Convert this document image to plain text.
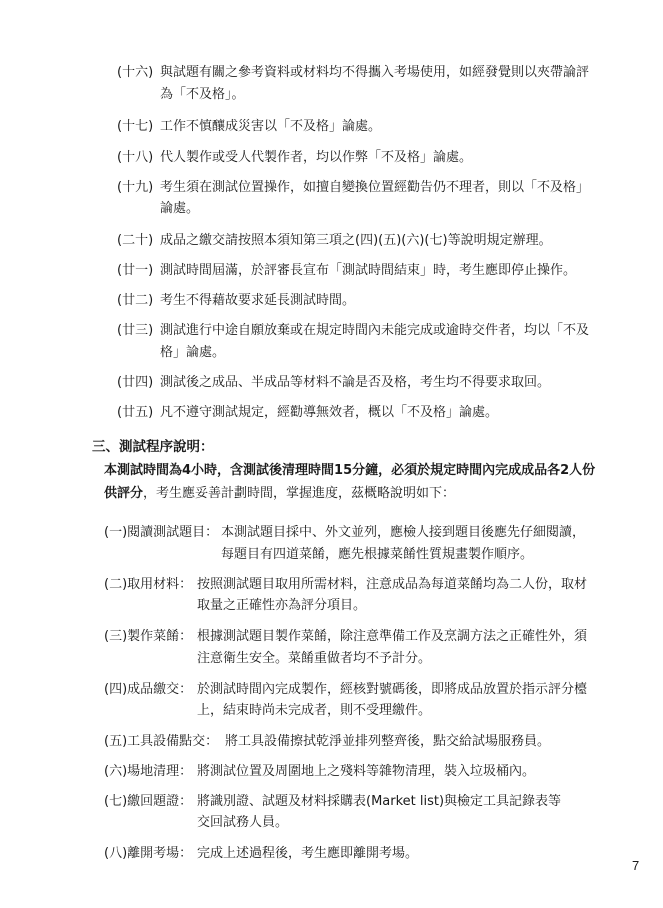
(十六) 與試題有關之參考資料或材料均不得攜入考場使用，如經發覺則以夾帶論評
為「不及格」。
(十七) 工作不慎釀成災害以「不及格」論處。
(十八) 代人製作或受人代製作者，均以作弊「不及格」論處。
(十九) 考生須在測試位置操作，如擅自變換位置經勸告仍不理者，則以「不及格」
論處。
(二十) 成品之繳交請按照本須知第三項之(四)(五)(六)(七)等說明規定辦理。
(廿一) 測試時間屆滿，於評審長宣布「測試時間結束」時，考生應即停止操作。
(廿二) 考生不得藉故要求延長測試時間。
(廿三) 測試進行中途自願放棄或在規定時間內未能完成或逾時交件者，均以「不及
格」論處。
(廿四) 測試後之成品、半成品等材料不論是否及格，考生均不得要求取回。
(廿五) 凡不遵守測試規定，經勸導無效者，概以「不及格」論處。
三、測試程序說明：
本測試時間為4小時，含測試後清理時間15分鐘，必須於規定時間內完成成品各2人份
供評分，考生應妥善計劃時間，掌握進度，茲概略說明如下：
(一)閱讀測試題目： 本測試題目採中、外文並列，應檢人接到題目後應先仔細閱讀，
每題目有四道菜餚，應先根據菜餚性質規畫製作順序。
(二)取用材料： 按照測試題目取用所需材料，注意成品為每道菜餚均為二人份，取材
取量之正確性亦為評分項目。
(三)製作菜餚： 根據測試題目製作菜餚，除注意準備工作及烹調方法之正確性外，須
注意衛生安全。菜餚重做者均不予計分。
(四)成品繳交： 於測試時間內完成製作，經核對號碼後，即將成品放置於指示評分檯
上，結束時尚未完成者，則不受理繳件。
(五)工具設備點交： 將工具設備擦拭乾淨並排列整齊後，點交給試場服務員。
(六)場地清理： 將測試位置及周圍地上之殘料等雜物清理，裝入垃圾桶內。
(七)繳回題證： 將識別證、試題及材料採購表(Market list)與檢定工具記錄表等
交回試務人員。
(八)離開考場： 完成上述過程後，考生應即離開考場。
7
